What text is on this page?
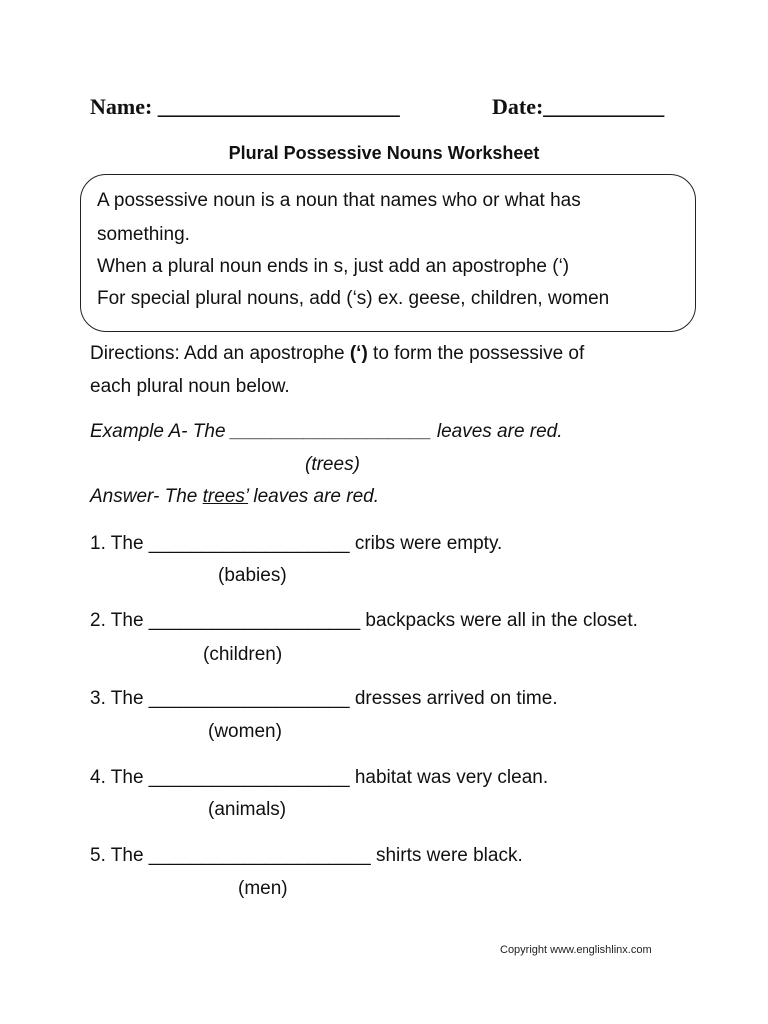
Name: ______________________	Date:___________
Plural Possessive Nouns Worksheet
A possessive noun is a noun that names who or what has
something.
When a plural noun ends in s, just add an apostrophe (‘)
For special plural nouns, add (‘s) ex. geese, children, women
Directions: Add an apostrophe (‘) to form the possessive of
each plural noun below.
Example A- The ___________________ leaves are red.
(trees)
Answer- The trees’ leaves are red.
1. The ___________________ cribs were empty.
(babies)
2. The ____________________ backpacks were all in the closet.
(children)
3. The ___________________ dresses arrived on time.
(women)
4. The ___________________ habitat was very clean.
(animals)
5. The _____________________ shirts were black.
(men)
Copyright www.englishlinx.com
